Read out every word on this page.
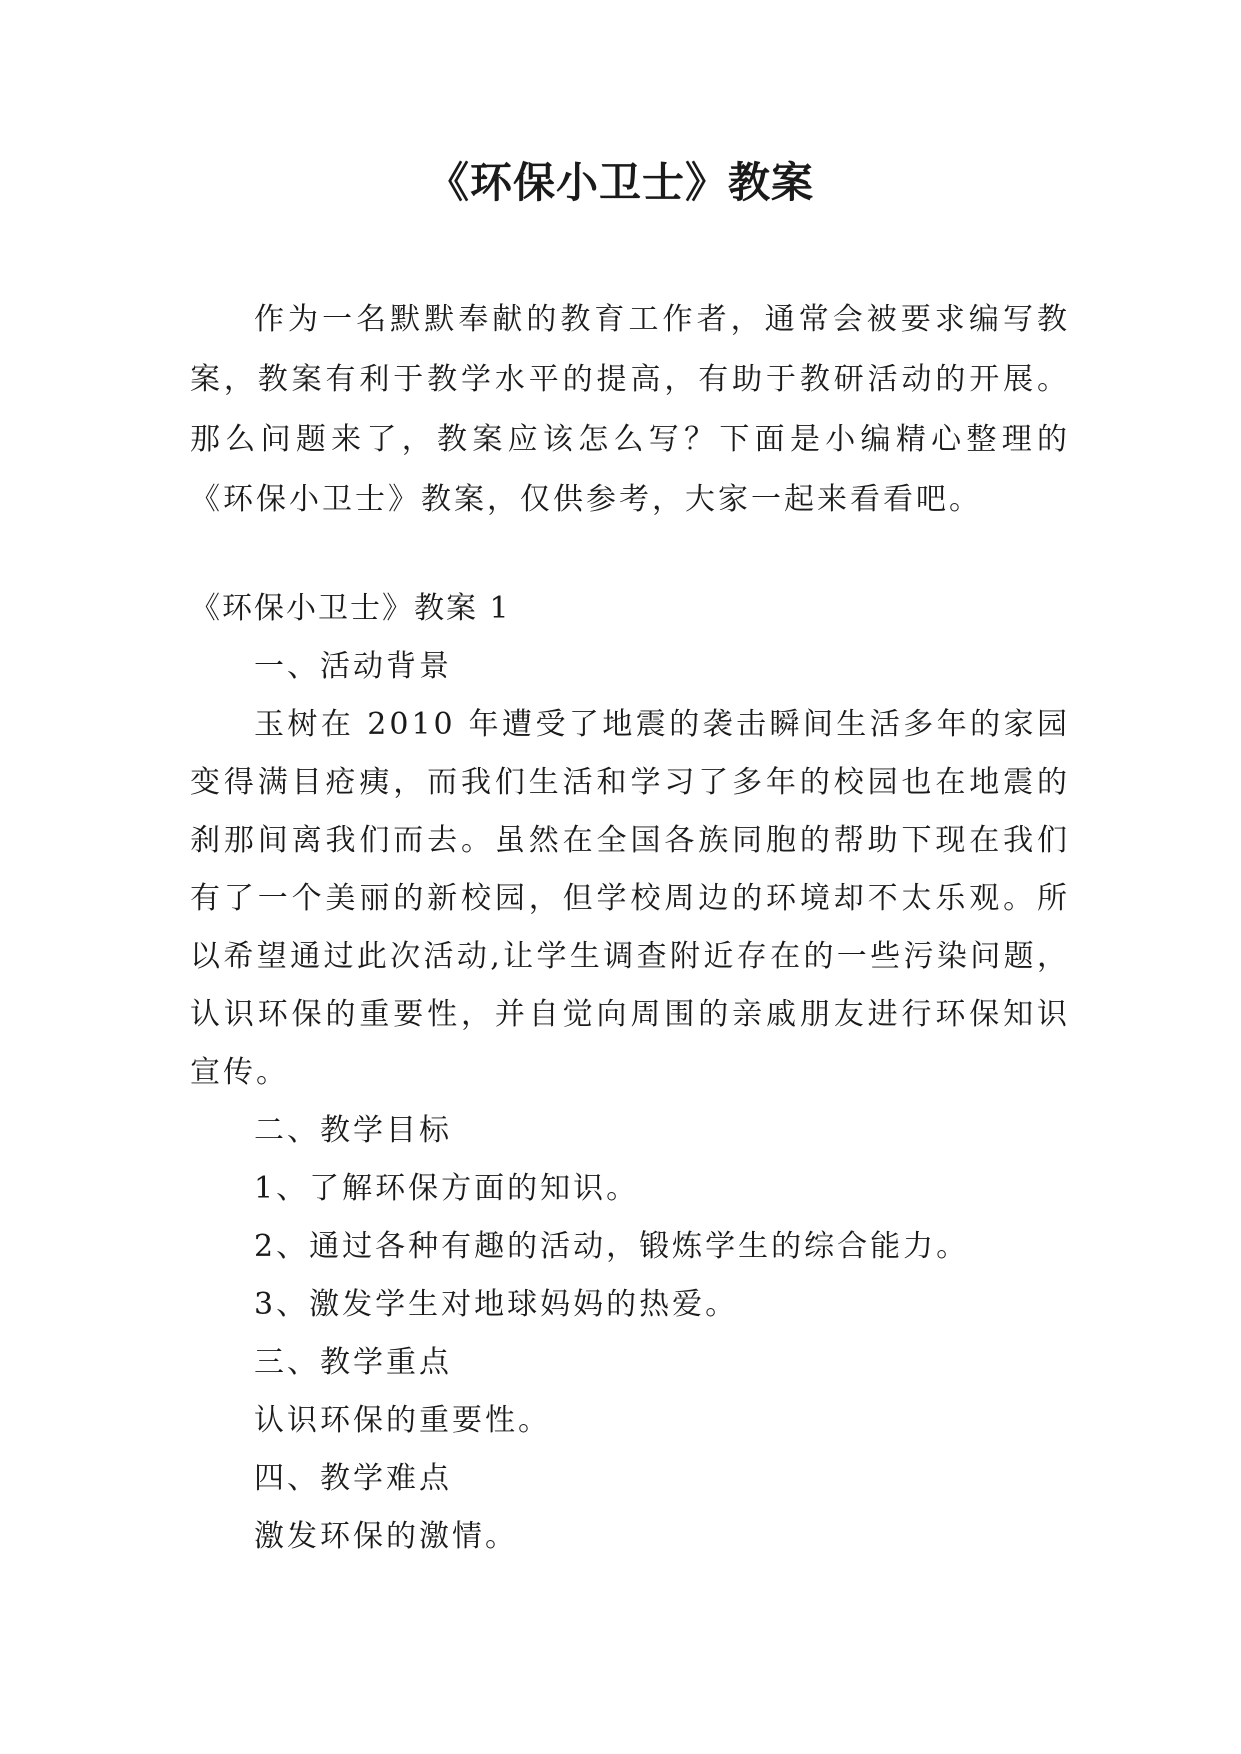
《环保小卫士》教案

作为一名默默奉献的教育工作者，通常会被要求编写教案，教案有利于教学水平的提高，有助于教研活动的开展。那么问题来了，教案应该怎么写？下面是小编精心整理的《环保小卫士》教案，仅供参考，大家一起来看看吧。

《环保小卫士》教案 1

一、活动背景

玉树在 2010 年遭受了地震的袭击瞬间生活多年的家园变得满目疮痍，而我们生活和学习了多年的校园也在地震的刹那间离我们而去。虽然在全国各族同胞的帮助下现在我们有了一个美丽的新校园，但学校周边的环境却不太乐观。所以希望通过此次活动,让学生调查附近存在的一些污染问题，认识环保的重要性，并自觉向周围的亲戚朋友进行环保知识宣传。

二、教学目标

1、了解环保方面的知识。

2、通过各种有趣的活动，锻炼学生的综合能力。

3、激发学生对地球妈妈的热爱。

三、教学重点

认识环保的重要性。

四、教学难点

激发环保的激情。
